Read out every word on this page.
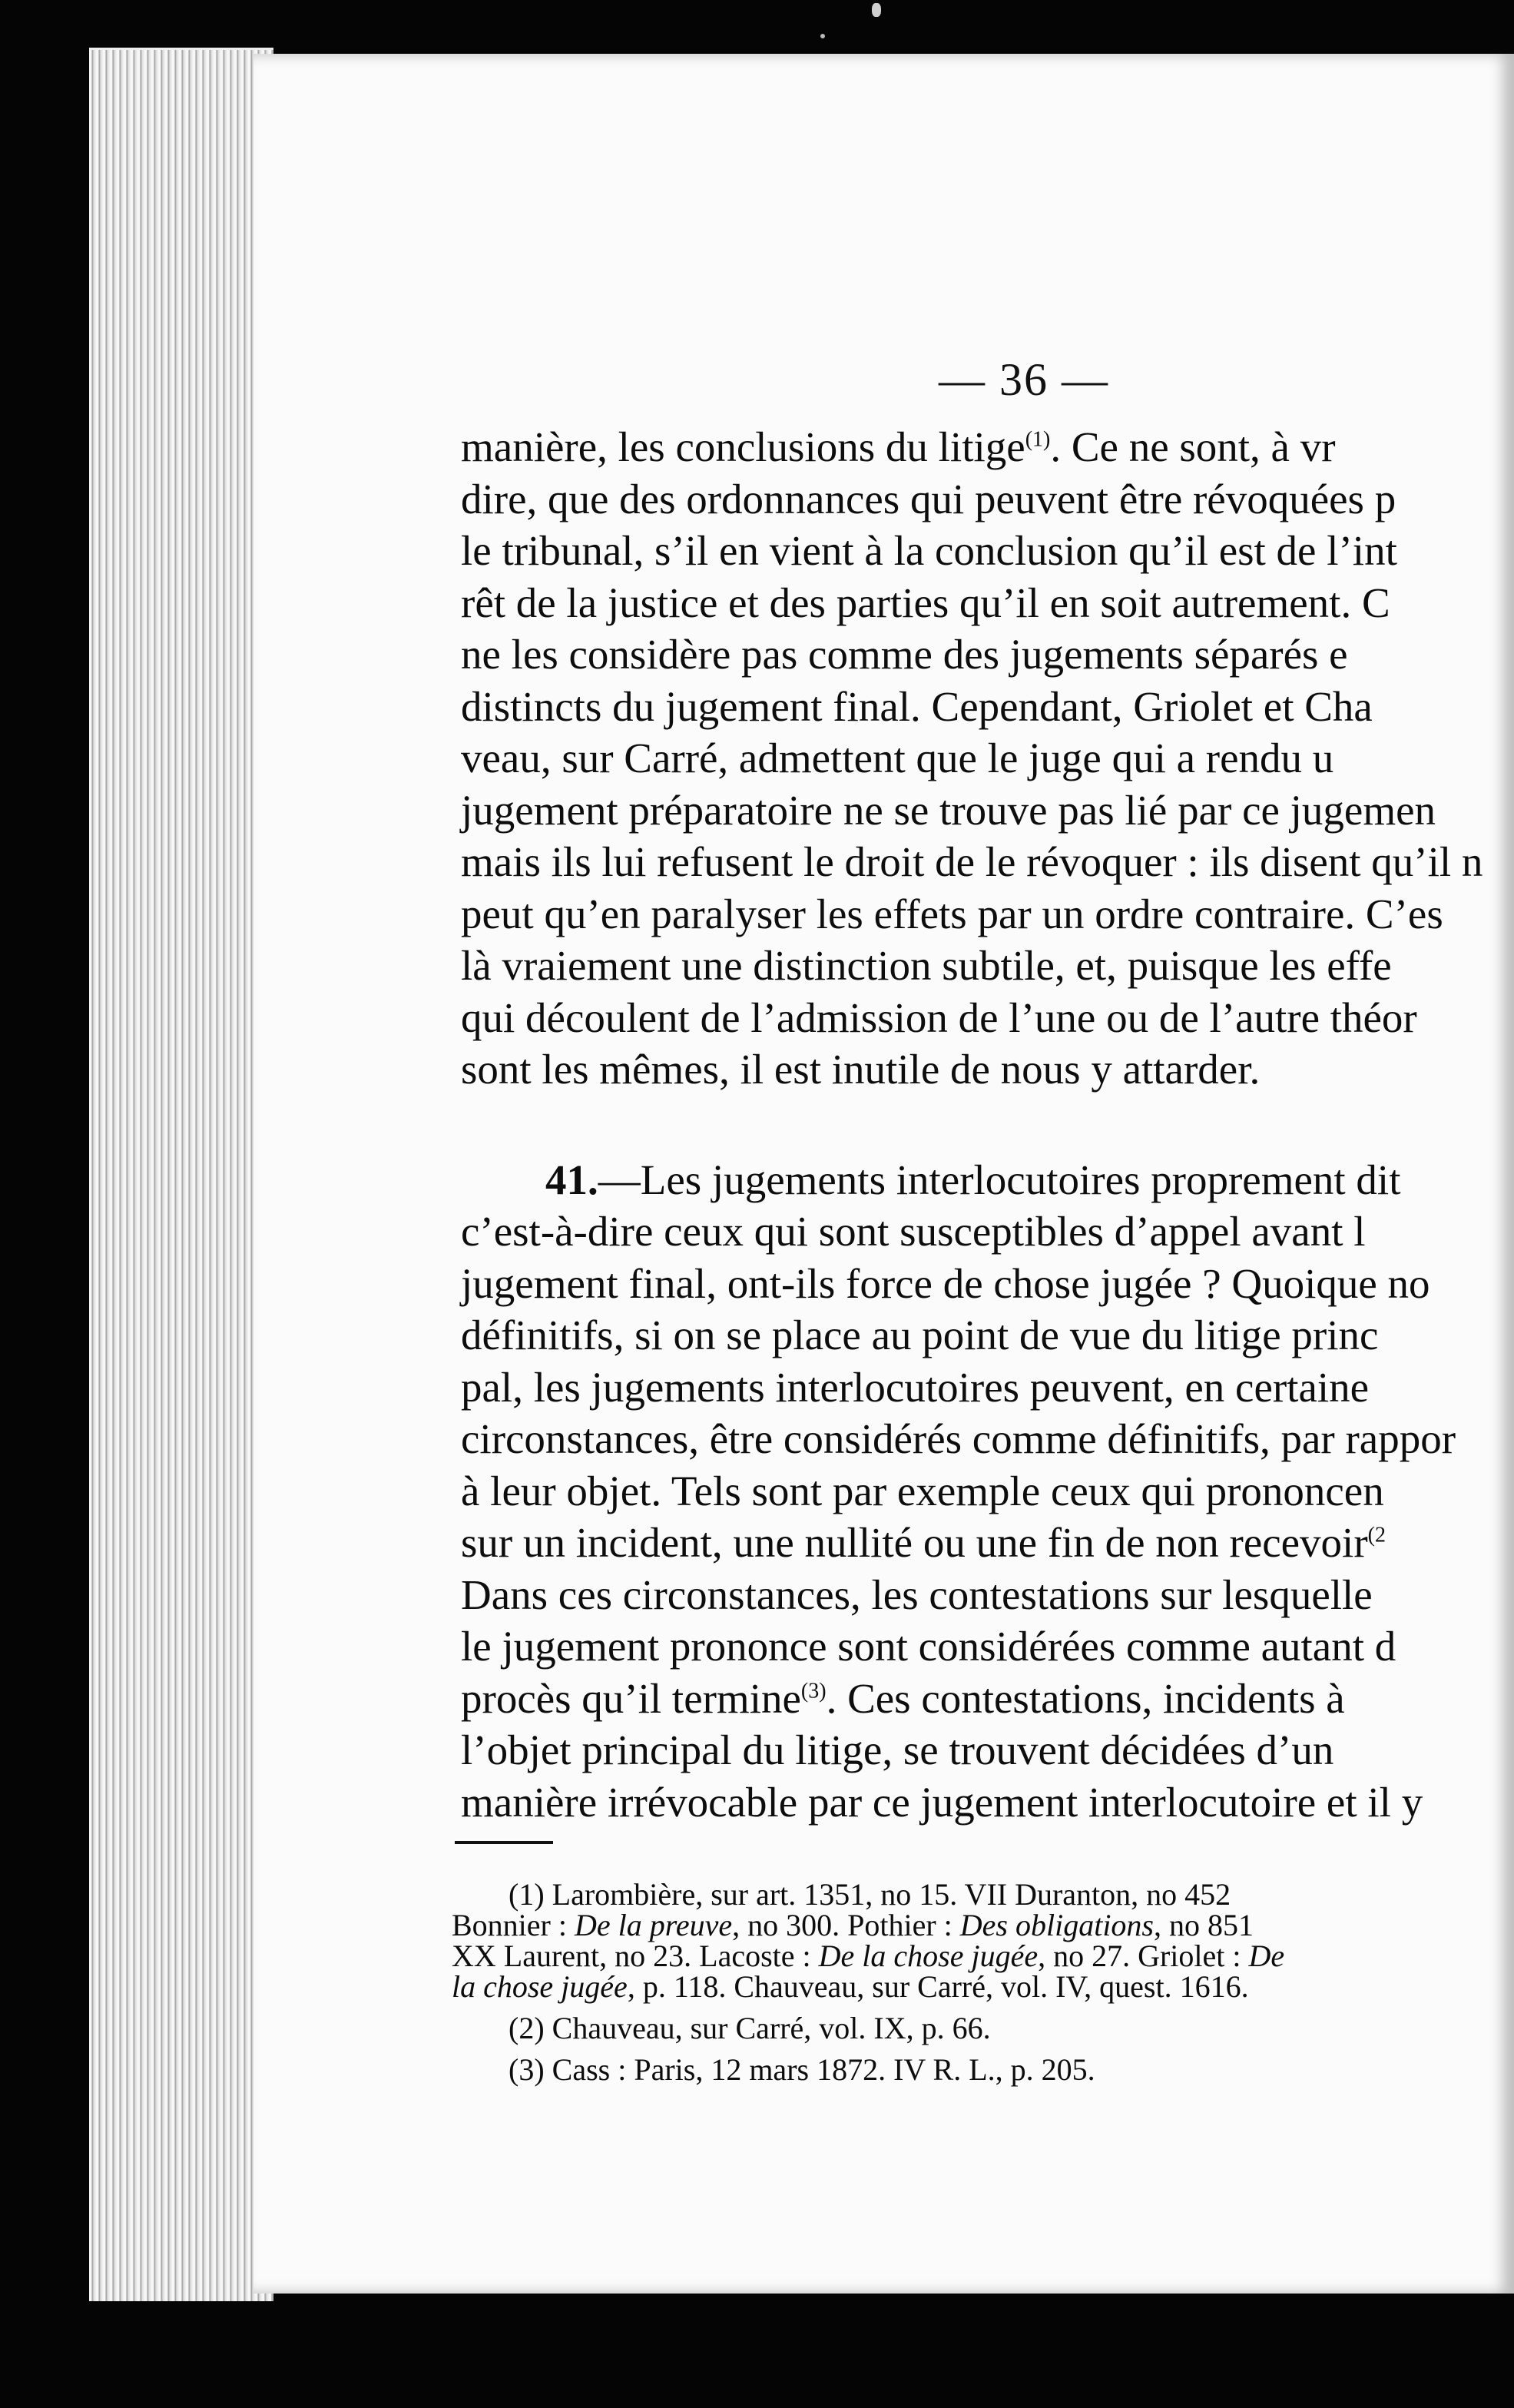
— 36 —
manière, les conclusions du litige$^{(1)}$. Ce ne sont, à vr
dire, que des ordonnances qui peuvent être révoquées p
le tribunal, s’il en vient à la conclusion qu’il est de l’int
rêt de la justice et des parties qu’il en soit autrement. C
ne les considère pas comme des jugements séparés e
distincts du jugement final. Cependant, Griolet et Cha
veau, sur Carré, admettent que le juge qui a rendu u
jugement préparatoire ne se trouve pas lié par ce jugemen
mais ils lui refusent le droit de le révoquer : ils disent qu’il n
peut qu’en paralyser les effets par un ordre contraire. C’es
là vraiement une distinction subtile, et, puisque les effe
qui découlent de l’admission de l’une ou de l’autre théor
sont les mêmes, il est inutile de nous y attarder.
41.—Les jugements interlocutoires proprement dit
c’est-à-dire ceux qui sont susceptibles d’appel avant l
jugement final, ont-ils force de chose jugée ? Quoique no
définitifs, si on se place au point de vue du litige princ
pal, les jugements interlocutoires peuvent, en certaine
circonstances, être considérés comme définitifs, par rappor
à leur objet. Tels sont par exemple ceux qui prononcen
sur un incident, une nullité ou une fin de non recevoir$^{(2}$
Dans ces circonstances, les contestations sur lesquelle
le jugement prononce sont considérées comme autant d
procès qu’il termine$^{(3)}$. Ces contestations, incidents à
l’objet principal du litige, se trouvent décidées d’un
manière irrévocable par ce jugement interlocutoire et il y
(1) Larombière, sur art. 1351, no 15. VII Duranton, no 452
Bonnier : De la preuve, no 300. Pothier : Des obligations, no 851
XX Laurent, no 23. Lacoste : De la chose jugée, no 27. Griolet : De
la chose jugée, p. 118. Chauveau, sur Carré, vol. IV, quest. 1616.
(2) Chauveau, sur Carré, vol. IX, p. 66.
(3) Cass : Paris, 12 mars 1872. IV R. L., p. 205.
